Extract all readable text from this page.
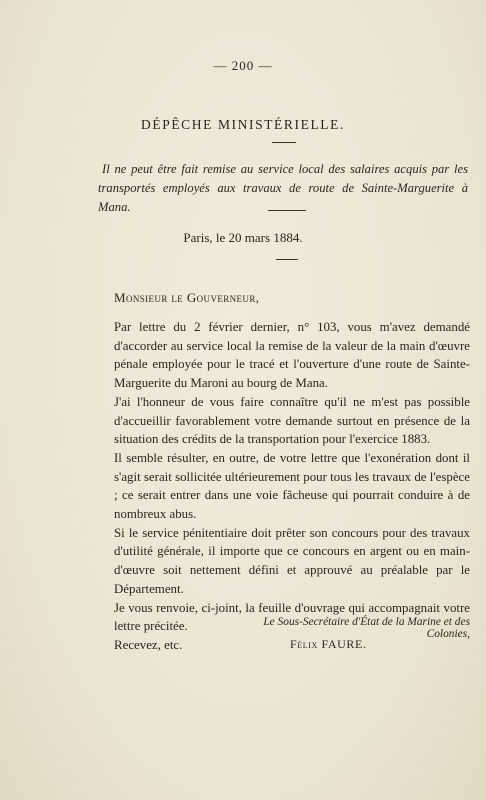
— 200 —
DÉPÊCHE MINISTÉRIELLE.
Il ne peut être fait remise au service local des salaires acquis par les transportés employés aux travaux de route de Sainte-Marguerite à Mana.
Paris, le 20 mars 1884.
Monsieur le Gouverneur,

Par lettre du 2 février dernier, n° 103, vous m'avez demandé d'accorder au service local la remise de la valeur de la main d'œuvre pénale employée pour le tracé et l'ouverture d'une route de Sainte-Marguerite du Maroni au bourg de Mana.

J'ai l'honneur de vous faire connaître qu'il ne m'est pas possible d'accueillir favorablement votre demande surtout en présence de la situation des crédits de la transportation pour l'exercice 1883.

Il semble résulter, en outre, de votre lettre que l'exonération dont il s'agit serait sollicitée ultérieurement pour tous les travaux de l'espèce ; ce serait entrer dans une voie fâcheuse qui pourrait conduire à de nombreux abus.

Si le service pénitentiaire doit prêter son concours pour des travaux d'utilité générale, il importe que ce concours en argent ou en main-d'œuvre soit nettement défini et approuvé au préalable par le Département.

Je vous renvoie, ci-joint, la feuille d'ouvrage qui accompagnait votre lettre précitée.

Recevez, etc.

Le Sous-Secrétaire d'État de la Marine et des Colonies,
Félix FAURE.
